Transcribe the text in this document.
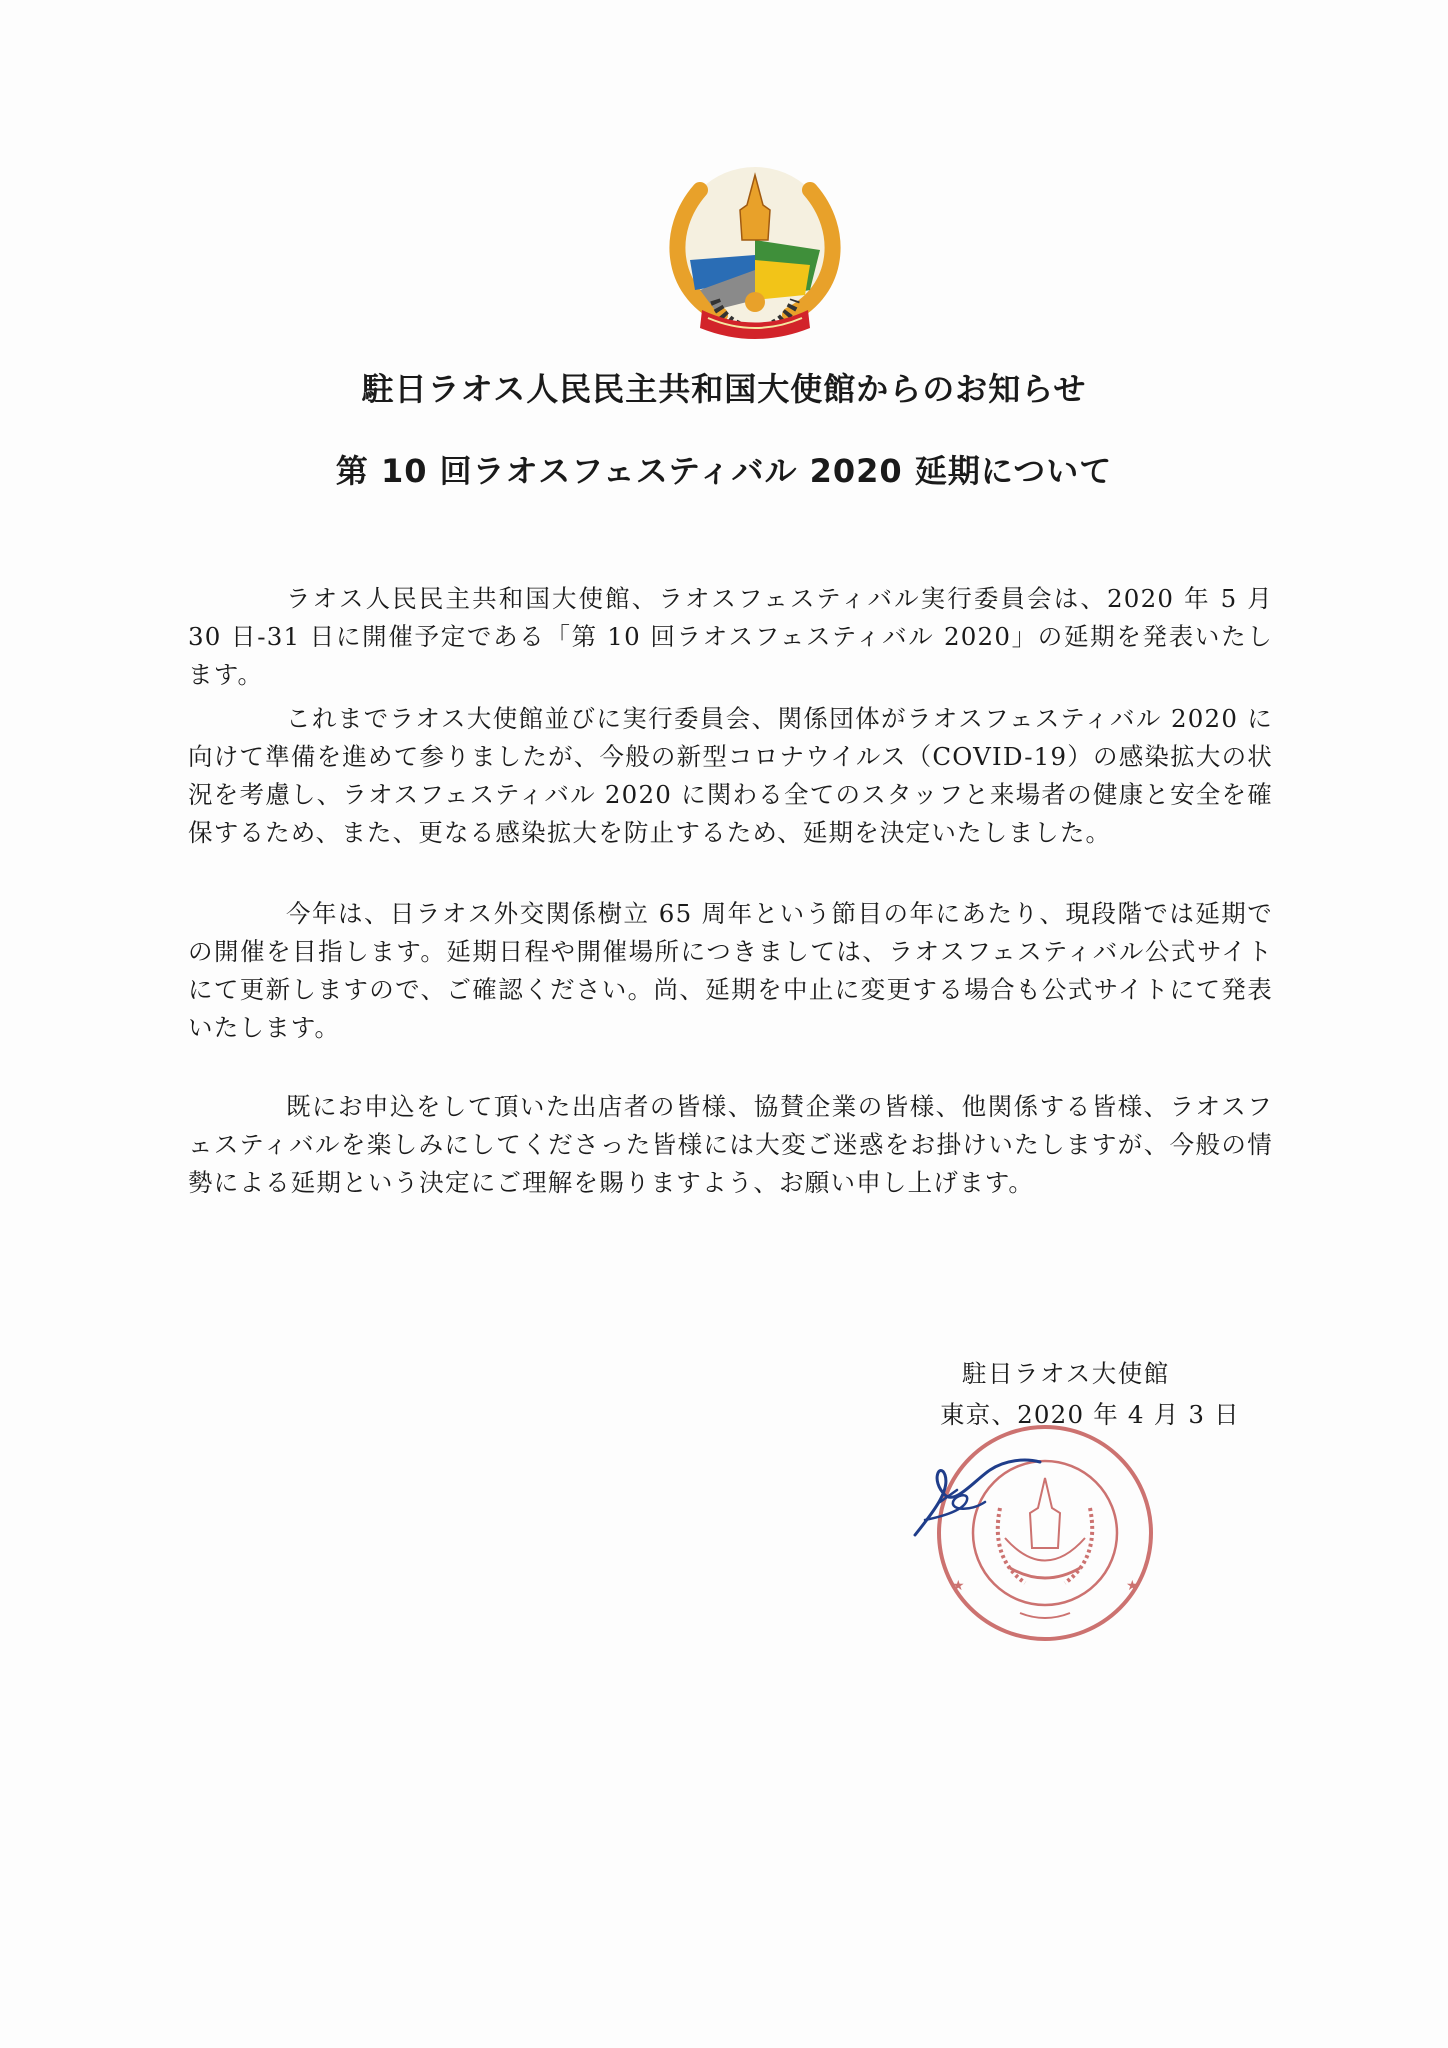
駐日ラオス人民民主共和国大使館からのお知らせ
第 10 回ラオスフェスティバル 2020 延期について

ラオス人民民主共和国大使館、ラオスフェスティバル実行委員会は、2020 年 5 月 30 日-31 日に開催予定である「第 10 回ラオスフェスティバル 2020」の延期を発表いたします。

これまでラオス大使館並びに実行委員会、関係団体がラオスフェスティバル 2020 に向けて準備を進めて参りましたが、今般の新型コロナウイルス（COVID-19）の感染拡大の状況を考慮し、ラオスフェスティバル 2020 に関わる全てのスタッフと来場者の健康と安全を確保するため、また、更なる感染拡大を防止するため、延期を決定いたしました。

今年は、日ラオス外交関係樹立 65 周年という節目の年にあたり、現段階では延期での開催を目指します。延期日程や開催場所につきましては、ラオスフェスティバル公式サイトにて更新しますので、ご確認ください。尚、延期を中止に変更する場合も公式サイトにて発表いたします。

既にお申込をして頂いた出店者の皆様、協賛企業の皆様、他関係する皆様、ラオスフェスティバルを楽しみにしてくださった皆様には大変ご迷惑をお掛けいたしますが、今般の情勢による延期という決定にご理解を賜りますよう、お願い申し上げます。

駐日ラオス大使館
東京、2020 年 4 月 3 日
★	★
